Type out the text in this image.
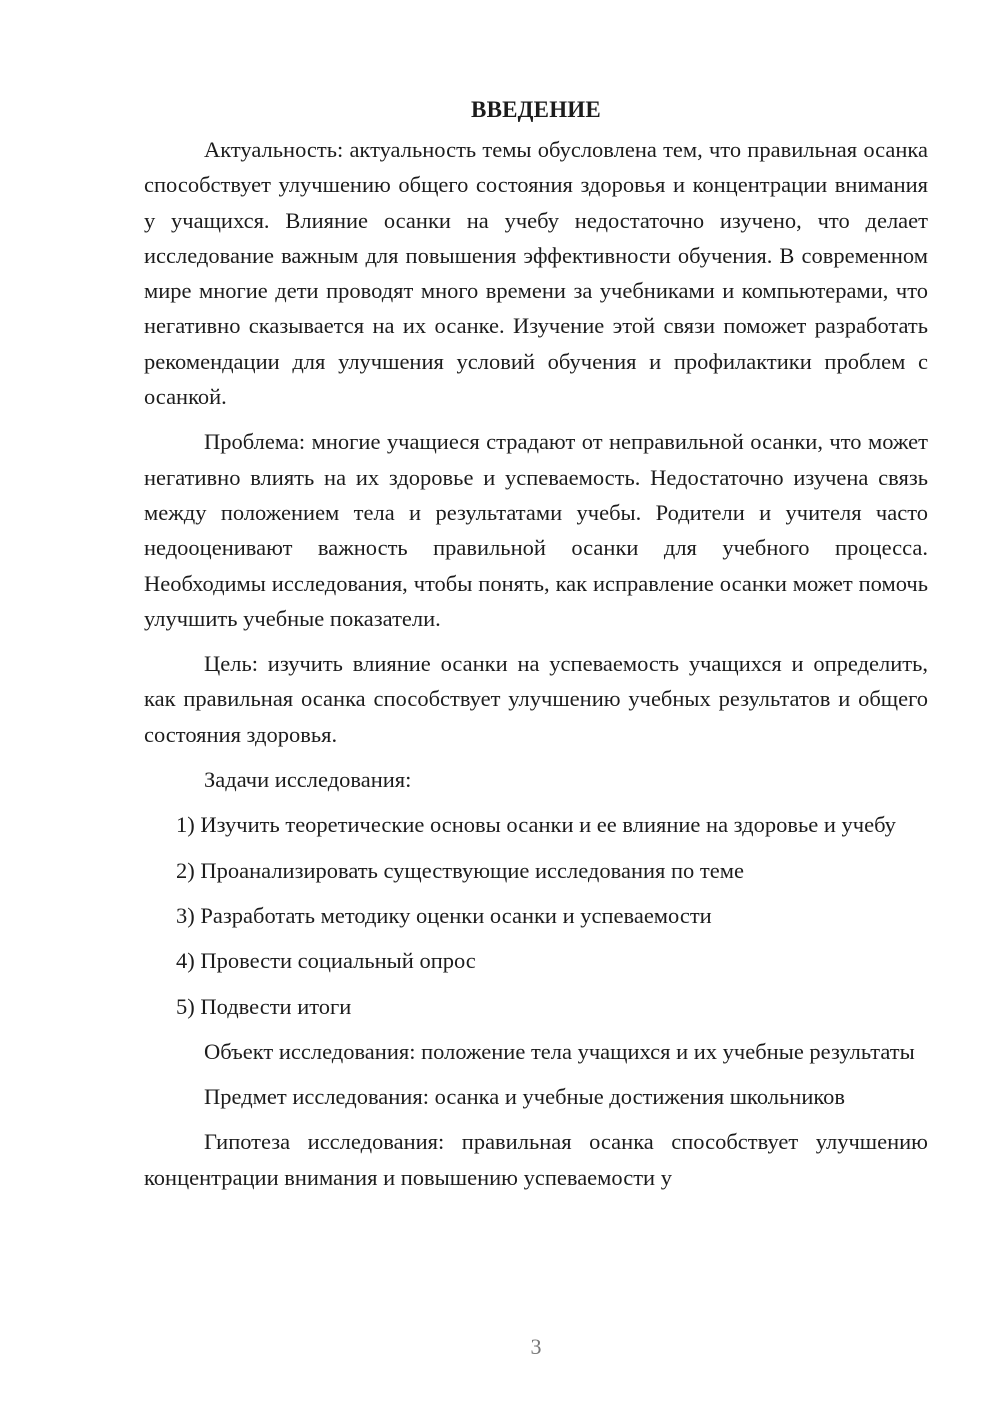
ВВЕДЕНИЕ

Актуальность: актуальность темы обусловлена тем, что правильная осанка способствует улучшению общего состояния здоровья и концентрации внимания у учащихся. Влияние осанки на учебу недостаточно изучено, что делает исследование важным для повышения эффективности обучения. В современном мире многие дети проводят много времени за учебниками и компьютерами, что негативно сказывается на их осанке. Изучение этой связи поможет разработать рекомендации для улучшения условий обучения и профилактики проблем с осанкой.

Проблема: многие учащиеся страдают от неправильной осанки, что может негативно влиять на их здоровье и успеваемость. Недостаточно изучена связь между положением тела и результатами учебы. Родители и учителя часто недооценивают важность правильной осанки для учебного процесса. Необходимы исследования, чтобы понять, как исправление осанки может помочь улучшить учебные показатели.

Цель: изучить влияние осанки на успеваемость учащихся и определить, как правильная осанка способствует улучшению учебных результатов и общего состояния здоровья.

Задачи исследования:

1) Изучить теоретические основы осанки и ее влияние на здоровье и учебу

2) Проанализировать существующие исследования по теме

3) Разработать методику оценки осанки и успеваемости

4) Провести социальный опрос

5) Подвести итоги

Объект исследования: положение тела учащихся и их учебные результаты

Предмет исследования: осанка и учебные достижения школьников

Гипотеза исследования: правильная осанка способствует улучшению концентрации внимания и повышению успеваемости у

3
